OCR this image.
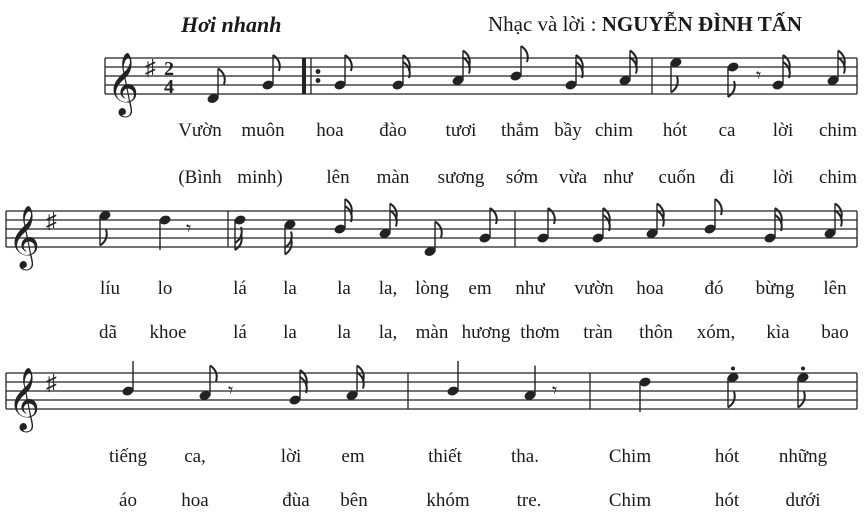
Hơi nhanh	Nhạc và lời : NGUYỄN ĐÌNH TẤN
𝄞 ♯ 2
4	𝄾
Vườn muôn hoa đào tươi thắm bầy chim hót ca lời chim
(Bình minh) lên màn sương sớm vừa như cuốn đi lời chim
𝄞 ♯	𝄾
líu lo	lá la la la, lòng em như vườn hoa đó bừng lên
dã khoe lá la la la, màn hương thơm tràn thôn xóm, kìa bao
𝄞 ♯	𝄾	𝄾
tiếng ca,	lời em	thiết	tha.	Chim	hót những
áo hoa	đùa bên	khóm tre.	Chim	hót dưới
